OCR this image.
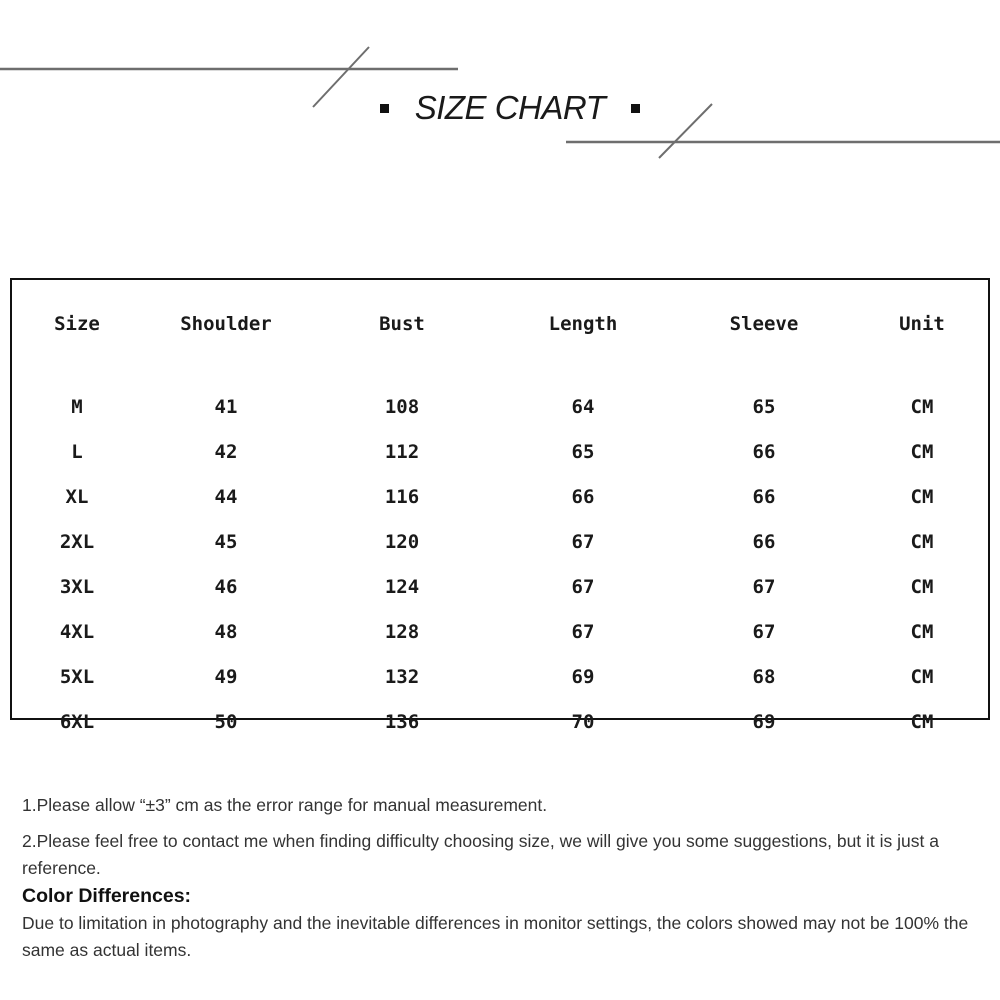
SIZE CHART
Size	Shoulder	Bust	Length	Sleeve	Unit

M	41	108	64	65	CM
L	42	112	65	66	CM
XL	44	116	66	66	CM
2XL	45	120	67	66	CM
3XL	46	124	67	67	CM
4XL	48	128	67	67	CM
5XL	49	132	69	68	CM
6XL	50	136	70	69	CM

1.Please allow “±3” cm as the error range for manual measurement.

2.Please feel free to contact me when finding difficulty choosing size, we will give you some suggestions, but it is just a reference.

Color Differences:

Due to limitation in photography and the inevitable differences in monitor settings, the colors showed may not be 100% the same as actual items.
